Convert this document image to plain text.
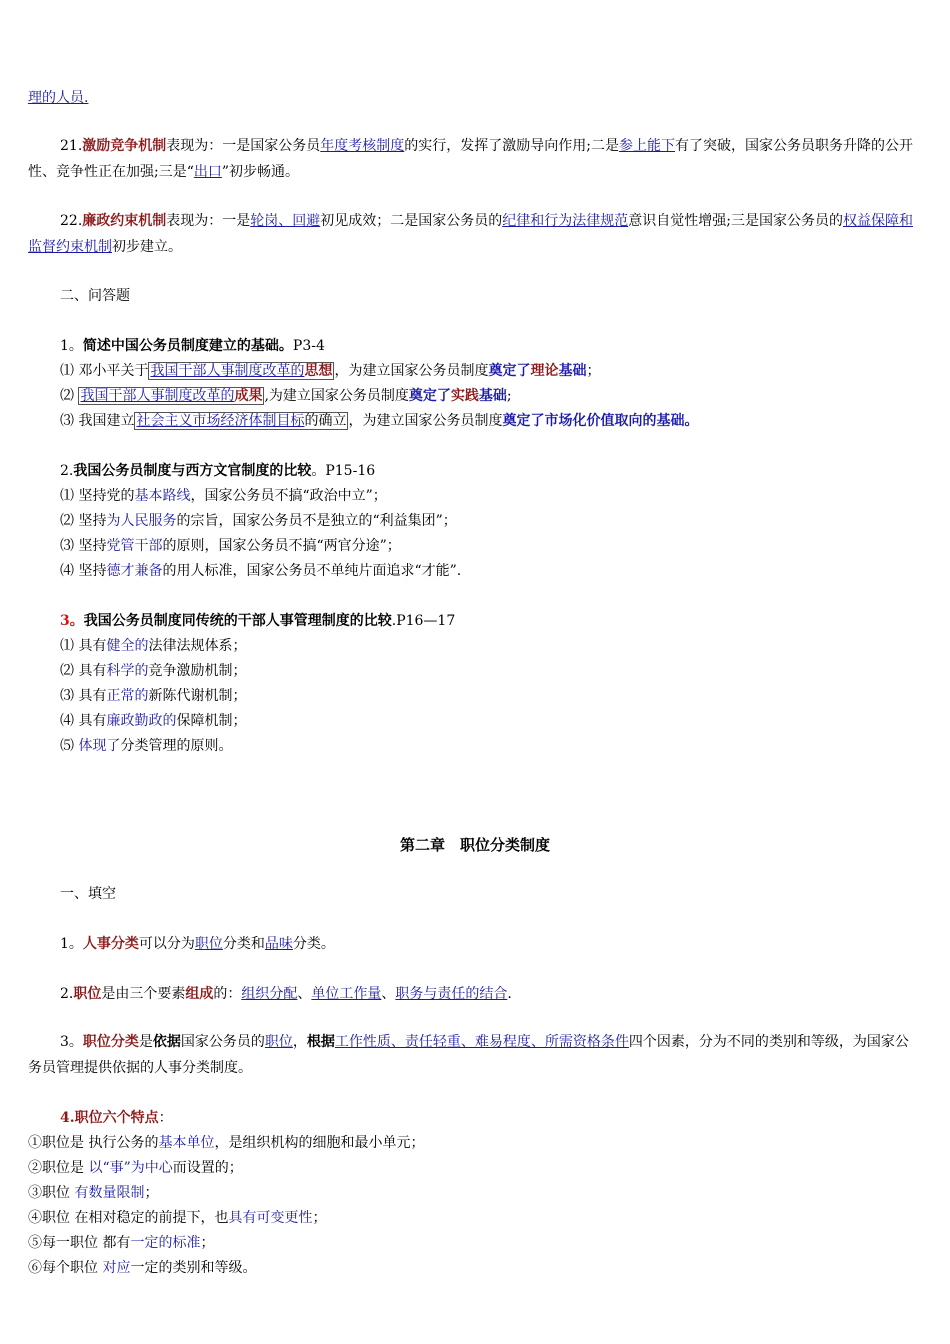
理的人员.
21.激励竞争机制表现为：一是国家公务员年度考核制度的实行，发挥了激励导向作用;二是参上能下有了突破，国家公务员职务升降的公开性、竞争性正在加强;三是“出口”初步畅通。
22.廉政约束机制表现为：一是轮岗、回避初见成效；二是国家公务员的纪律和行为法律规范意识自觉性增强;三是国家公务员的权益保障和监督约束机制初步建立。
二、问答题
1。简述中国公务员制度建立的基础。P3-4
⑴ 邓小平关于 我国干部人事制度改革的思想 ，为建立国家公务员制度奠定了理论基础；
⑵ 我国干部人事制度改革的成果 ,为建立国家公务员制度奠定了实践基础;
⑶ 我国建立 社会主义市场经济体制目标的确立 ，为建立国家公务员制度奠定了市场化价值取向的基础。
2.我国公务员制度与西方文官制度的比较。P15-16
⑴ 坚持党的基本路线，国家公务员不搞“政治中立”；
⑵ 坚持为人民服务的宗旨，国家公务员不是独立的“利益集团”；
⑶ 坚持党管干部的原则，国家公务员不搞“两官分途”；
⑷ 坚持德才兼备的用人标准，国家公务员不单纯片面追求“才能”.
3。我国公务员制度同传统的干部人事管理制度的比较.P16—17
⑴ 具有健全的法律法规体系；
⑵ 具有科学的竞争激励机制；
⑶ 具有正常的新陈代谢机制；
⑷ 具有廉政勤政的保障机制；
⑸ 体现了分类管理的原则。
第二章　职位分类制度
一、填空
1。人事分类可以分为职位分类和品味分类。
2.职位是由三个要素组成的：组织分配、单位工作量、职务与责任的结合.
3。职位分类是依据国家公务员的职位，根据工作性质、责任轻重、难易程度、所需资格条件四个因素，分为不同的类别和等级，为国家公务员管理提供依据的人事分类制度。
4.职位六个特点：
①职位是 执行公务的基本单位，是组织机构的细胞和最小单元；
②职位是 以“事”为中心而设置的；
③职位 有数量限制；
④职位 在相对稳定的前提下，也具有可变更性；
⑤每一职位 都有一定的标准；
⑥每个职位 对应一定的类别和等级。
